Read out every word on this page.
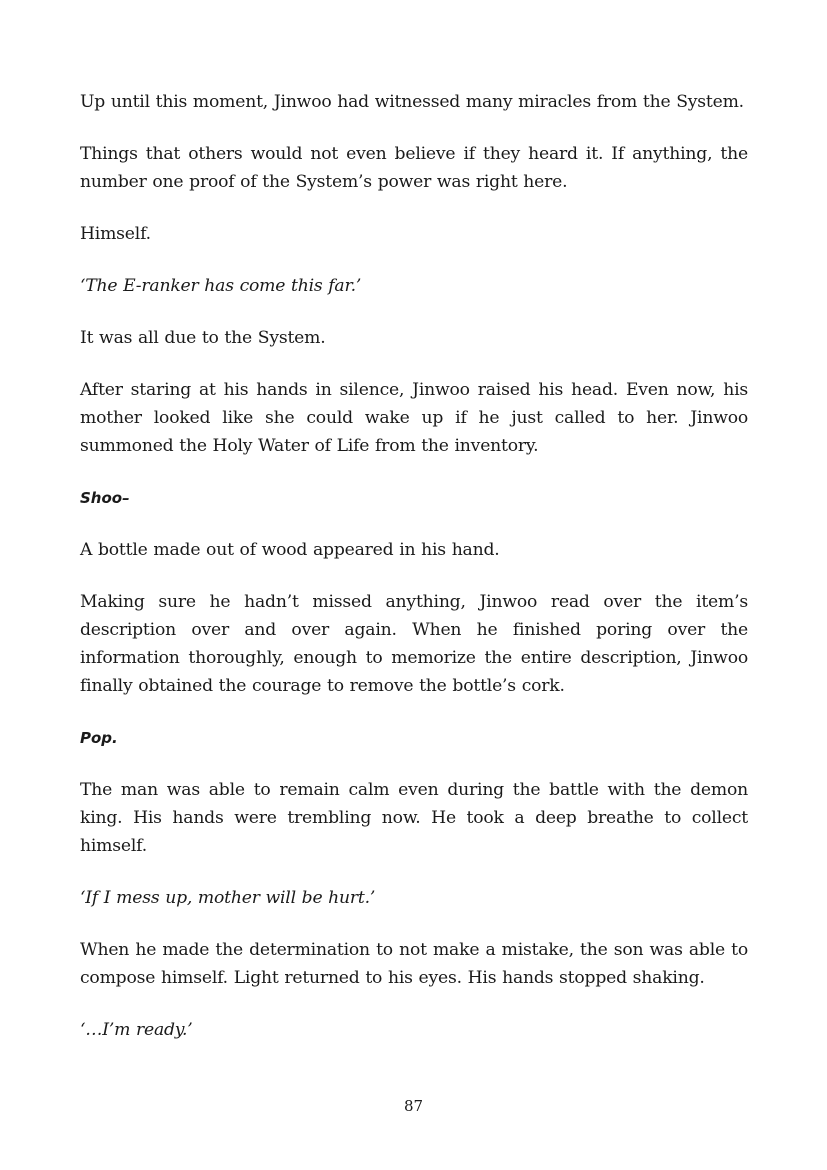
Up until this moment, Jinwoo had witnessed many miracles from the System.

Things that others would not even believe if they heard it. If anything, the number one proof of the System’s power was right here.

Himself.

‘The E-ranker has come this far.’

It was all due to the System.

After staring at his hands in silence, Jinwoo raised his head. Even now, his mother looked like she could wake up if he just called to her. Jinwoo summoned the Holy Water of Life from the inventory.

Shoo–

A bottle made out of wood appeared in his hand.

Making sure he hadn’t missed anything, Jinwoo read over the item’s description over and over again. When he finished poring over the information thoroughly, enough to memorize the entire description, Jinwoo finally obtained the courage to remove the bottle’s cork.

Pop.

The man was able to remain calm even during the battle with the demon king. His hands were trembling now. He took a deep breathe to collect himself.

‘If I mess up, mother will be hurt.’

When he made the determination to not make a mistake, the son was able to compose himself. Light returned to his eyes. His hands stopped shaking.

‘…I’m ready.’

87
